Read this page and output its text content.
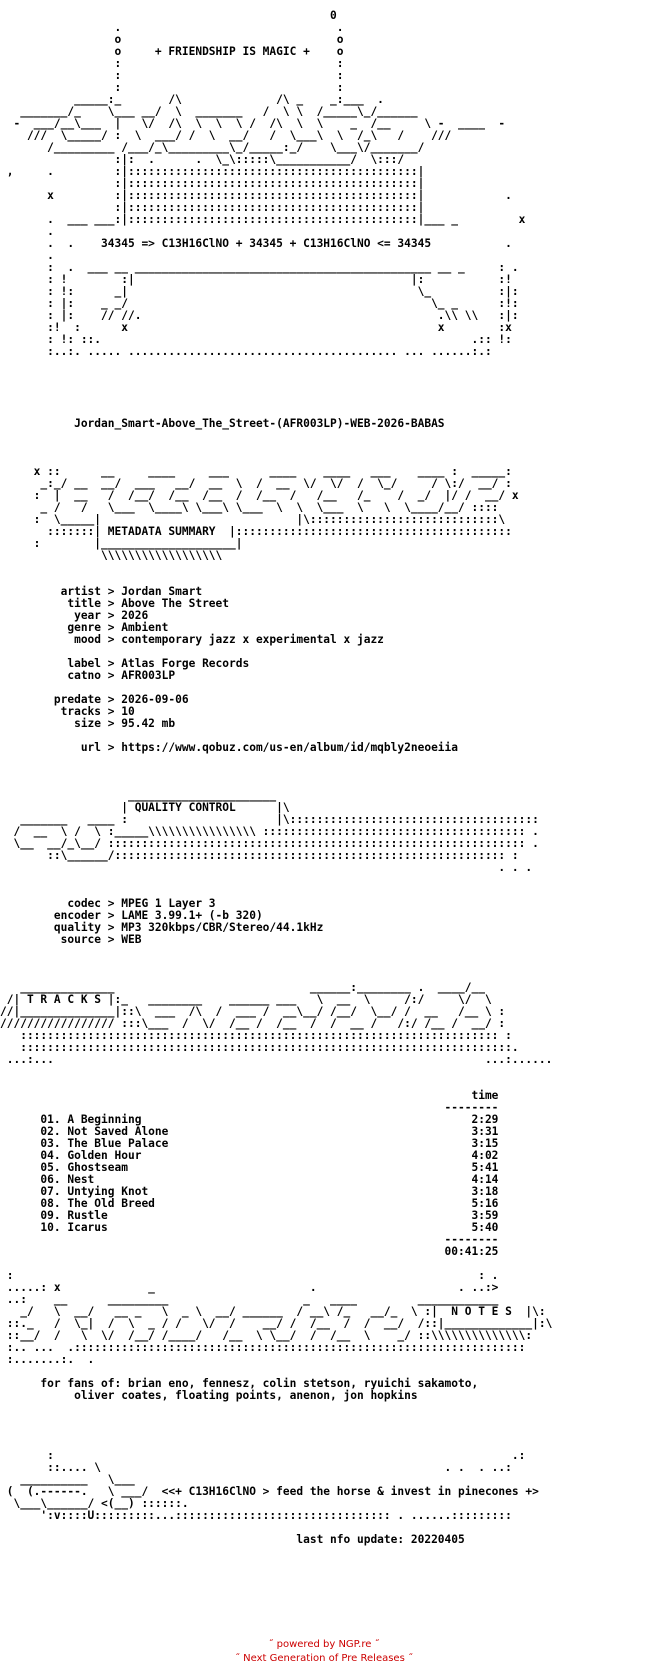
0
.                                .
o                                o
o     + FRIENDSHIP IS MAGIC +    o
:                                :
:                                :
:                                :
_____:_       /\              /\ _    _:___  .
_______/_    \___ __/  \  _______   /  \ \  /_____\_/______
-  ___/__\___  |   \/  /\  \  \  \ /  /\  \  \    _  /__     \ -  ____  -
///  \_____/ :  \  ___/ /  \  __/   /  \___\  \  /_\   /    ///
/_________ /___/_\_________\_/_____:_/    \___\/_______/
:|:  .      .  \_\:::::\___________/  \:::/
,     .         :|:::::::::::::::::::::::::::::::::::::::::::|
:|:::::::::::::::::::::::::::::::::::::::::::|
x         :|:::::::::::::::::::::::::::::::::::::::::::|            .
:|:::::::::::::::::::::::::::::::::::::::::::|
.  ___ ___:|:::::::::::::::::::::::::::::::::::::::::::|___ _         x
.
.  .    34345 => C13H16ClNO + 34345 + C13H16ClNO <= 34345           .
.
:  .  ___ __ ____________________________________________ __ _     : .
: !        :|                                         |:           :!
: !:      _|                                           \_          :|:
: |:    _ _/                                             \_ _      :!:
: |:    // //.                                            .\\ \\   :|:
:!  :      x                                              x        :x
: !: ::.                                                       .:: !:
:..:. ..... ........................................ ... ......:.:

Jordan_Smart-Above_The_Street-(AFR003LP)-WEB-2026-BABAS

x ::      __     ____     ___      ____    ____   ___    ____ :  _____:
_:_/ __  __/  ___   __/  __  \  /  __  \/  \/  /  \_/     / \:/  __/ :
:  |  __   /  /__/  /__  /__  /  /__  /   /__   /_    /  _/  |/ /  __/ x
_ /   /   \___  \____\ \___\ \___  \  \  \___  \   \  \____/__/ ::::
:  \_____|                             |\::::::::::::::::::::::::::::\
:::::::| METADATA SUMMARY  |:::::::::::::::::::::::::::::::::::::::::
:        |____________________|
\\\\\\\\\\\\\\\\\\

artist > Jordan Smart
title > Above The Street
year > 2026
genre > Ambient
mood > contemporary jazz x experimental x jazz

label > Atlas Forge Records
catno > AFR003LP

predate > 2026-09-06
tracks > 10
size > 95.42 mb

url > https://www.qobuz.com/us-en/album/id/mqbly2neoeiia

______________________
| QUALITY CONTROL      |\
_______   ____ :                      |\:::::::::::::::::::::::::::::::::::::
/  __  \ /  \ :_____\\\\\\\\\\\\\\\\ ::::::::::::::::::::::::::::::::::::::: .
\__  __/_\__/ :::::::::::::::::::::::::::::::::::::::::::::::::::::::::::::: .
::\______/:::::::::::::::::::::::::::::::::::::::::::::::::::::::::: :
. . .

codec > MPEG 1 Layer 3
encoder > LAME 3.99.1+ (-b 320)
quality > MP3 320kbps/CBR/Stereo/44.1kHz
source > WEB

______________                             ______:________ .  ____/__
/| T R A C K S |:_   ________    ______ ___   \  __  \     /:/     \/  \
//|______________|::\  ___  /\  /  ___ /  __\__/ /__/  \__/ /  __   /__ \ :
///////////////// :::\___  /  \/  /__ /  /__  /  /  __ /   /:/ /__ /  __/ :
::::::::::::::::::::::::::::::::::::::::::::::::::::::::::::::::::::::: :
:::::::::::::::::::::::::::::::::::::::::::::::::::::::::::::::::::::::::.
...:...                                                                ...:......

time
--------
01. A Beginning                                                 2:29
02. Not Saved Alone                                             3:31
03. The Blue Palace                                             3:15
04. Golden Hour                                                 4:02
05. Ghostseam                                                   5:41
06. Nest                                                        4:14
07. Untying Knot                                                3:18
08. The Old Breed                                               5:16
09. Rustle                                                      3:59
10. Icarus                                                      5:40
--------
00:41:25

:                                                                     : .
.....: x             _                       .                     . ..:>
..:    __      _________                    _   ____         ____________
_/   \  __/   __ _   \  _ \  __/ ______  / __\ /_   __/_  \ :|  N O T E S  |\:
::._   /  \_|  /  \  _ / /   \/  /    __/ /  /__  /  /  __/  /::|_____________|:\
::__/  /   \  \/  /__/ /____/   /__  \ \__/  /  /__  \    _/ ::\\\\\\\\\\\\\\:
:.. ...  .:::::::::::::::::::::::::::::::::::::::::::::::::::::::::::::::::::
:.......:.  .

for fans of: brian eno, fennesz, colin stetson, ryuichi sakamoto,
oliver coates, floating points, anenon, jon hopkins

:                                                                    .:
::.... \                                                   . .  . ..:
__________   \___
(  (.------.   \ ___/  <<+ C13H16ClNO > feed the horse & invest in pinecones +>
\___\______/ <(__) ::::::.
':v::::U:::::::::...:::::::::::::::::::::::::::::::: . ......:::::::::

last nfo update: 20220405

˝ powered by NGP.re ˝
˝ Next Generation of Pre Releases ˝
